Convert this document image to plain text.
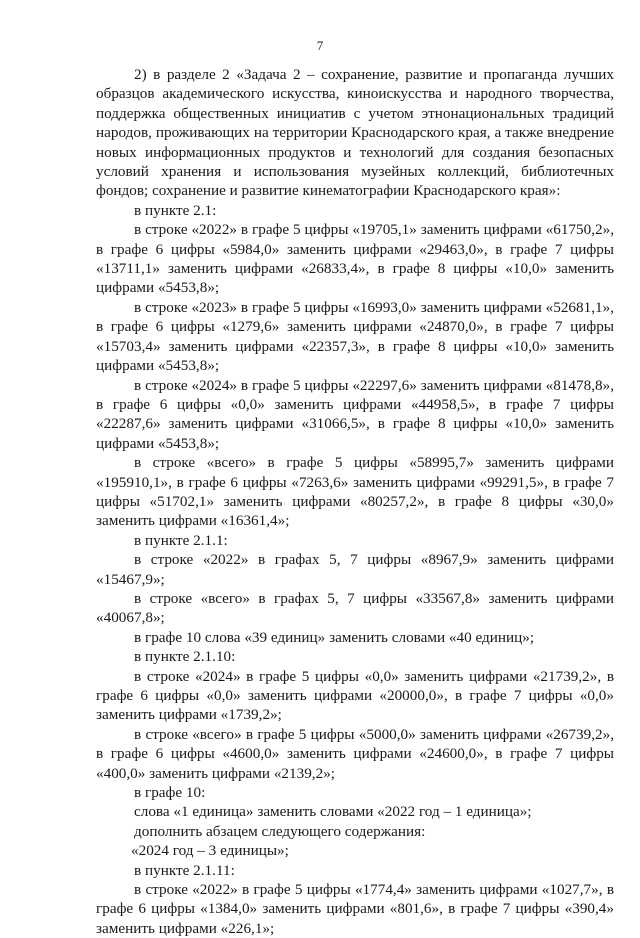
7

2) в разделе 2 «Задача 2 – сохранение, развитие и пропаганда лучших образцов академического искусства, киноискусства и народного творчества, поддержка общественных инициатив с учетом этнонациональных традиций народов, проживающих на территории Краснодарского края, а также внедрение новых информационных продуктов и технологий для создания безопасных условий хранения и использования музейных коллекций, библиотечных фондов; сохранение и развитие кинематографии Краснодарского края»:

в пункте 2.1:

в строке «2022» в графе 5 цифры «19705,1» заменить цифрами «61750,2», в графе 6 цифры «5984,0» заменить цифрами «29463,0», в графе 7 цифры «13711,1» заменить цифрами «26833,4», в графе 8 цифры «10,0» заменить цифрами «5453,8»;

в строке «2023» в графе 5 цифры «16993,0» заменить цифрами «52681,1», в графе 6 цифры «1279,6» заменить цифрами «24870,0», в графе 7 цифры «15703,4» заменить цифрами «22357,3», в графе 8 цифры «10,0» заменить цифрами «5453,8»;

в строке «2024» в графе 5 цифры «22297,6» заменить цифрами «81478,8», в графе 6 цифры «0,0» заменить цифрами «44958,5», в графе 7 цифры «22287,6» заменить цифрами «31066,5», в графе 8 цифры «10,0» заменить цифрами «5453,8»;

в строке «всего» в графе 5 цифры «58995,7» заменить цифрами «195910,1», в графе 6 цифры «7263,6» заменить цифрами «99291,5», в графе 7 цифры «51702,1» заменить цифрами «80257,2», в графе 8 цифры «30,0» заменить цифрами «16361,4»;

в пункте 2.1.1:

в строке «2022» в графах 5, 7 цифры «8967,9» заменить цифрами «15467,9»;

в строке «всего» в графах 5, 7 цифры «33567,8» заменить цифрами «40067,8»;

в графе 10 слова «39 единиц» заменить словами «40 единиц»;

в пункте 2.1.10:

в строке «2024» в графе 5 цифры «0,0» заменить цифрами «21739,2», в графе 6 цифры «0,0» заменить цифрами «20000,0», в графе 7 цифры «0,0» заменить цифрами «1739,2»;

в строке «всего» в графе 5 цифры «5000,0» заменить цифрами «26739,2», в графе 6 цифры «4600,0» заменить цифрами «24600,0», в графе 7 цифры «400,0» заменить цифрами «2139,2»;

в графе 10:

слова «1 единица» заменить словами «2022 год – 1 единица»;

дополнить абзацем следующего содержания:

«2024 год – 3 единицы»;

в пункте 2.1.11:

в строке «2022» в графе 5 цифры «1774,4» заменить цифрами «1027,7», в графе 6 цифры «1384,0» заменить цифрами «801,6», в графе 7 цифры «390,4» заменить цифрами «226,1»;
